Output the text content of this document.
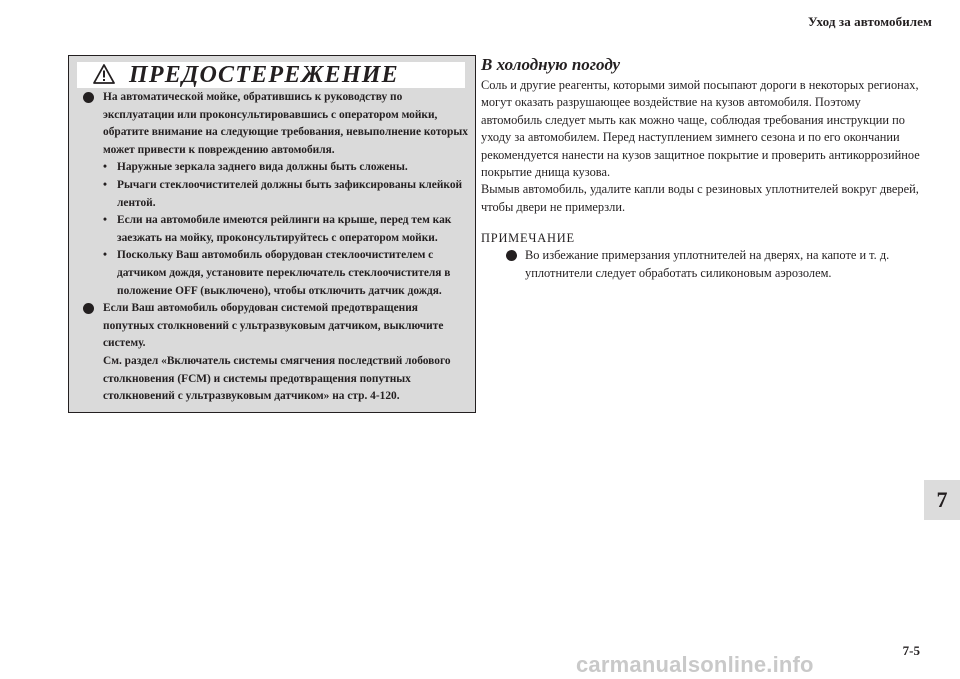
Уход за автомобилем
ПРЕДОСТЕРЕЖЕНИЕ
На автоматической мойке, обратившись к руководству по эксплуатации или проконсультировавшись с оператором мойки, обратите внимание на следующие требования, невыполнение которых может привести к повреждению автомобиля.
• Наружные зеркала заднего вида должны быть сложены.
• Рычаги стеклоочистителей должны быть зафиксированы клейкой лентой.
• Если на автомобиле имеются рейлинги на крыше, перед тем как заезжать на мойку, проконсультируйтесь с оператором мойки.
• Поскольку Ваш автомобиль оборудован стеклоочистителем с датчиком дождя, установите переключатель стеклоочистителя в положение OFF (выключено), чтобы отключить датчик дождя.
Если Ваш автомобиль оборудован системой предотвращения попутных столкновений с ультразвуковым датчиком, выключите систему.
См. раздел «Включатель системы смягчения последствий лобового столкновения (FCM) и системы предотвращения попутных столкновений с ультразвуковым датчиком» на стр. 4-120.
В холодную погоду

Соль и другие реагенты, которыми зимой посыпают дороги в некоторых регионах, могут оказать разрушающее воздействие на кузов автомобиля. Поэтому автомобиль следует мыть как можно чаще, соблюдая требования инструкции по уходу за автомобилем. Перед наступлением зимнего сезона и по его окончании рекомендуется нанести на кузов защитное покрытие и проверить антикоррозийное покрытие днища кузова.

Вымыв автомобиль, удалите капли воды с резиновых уплотнителей вокруг дверей, чтобы двери не примерзли.

ПРИМЕЧАНИЕ
Во избежание примерзания уплотнителей на дверях, на капоте и т. д. уплотнители следует обработать силиконовым аэрозолем.
7
7-5
carmanualsonline.info
